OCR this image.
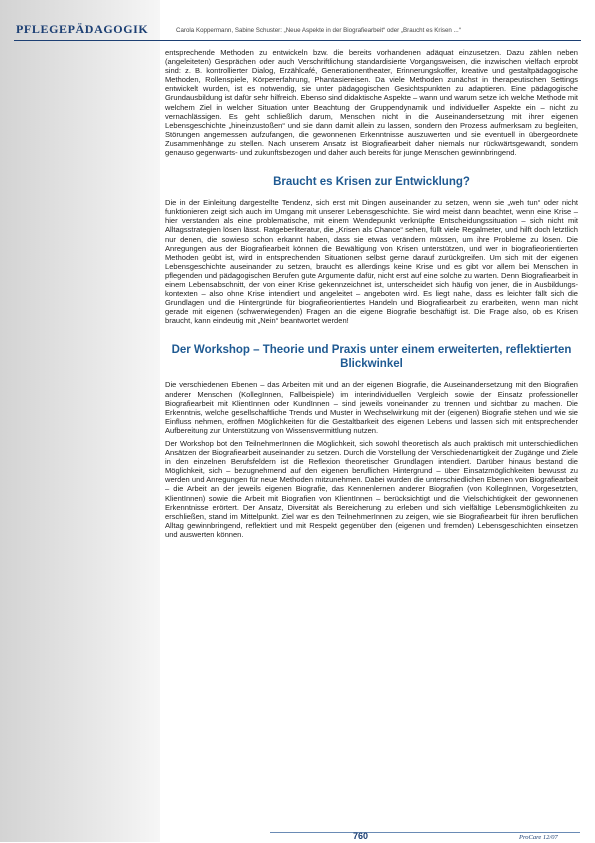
PFLEGEPÄDAGOGIK	Carola Koppermann, Sabine Schuster: „Neue Aspekte in der Biografiearbeit“ oder „Braucht es Krisen ...“

entsprechende Methoden zu entwickeln bzw. die bereits vorhandenen adäquat einzusetzen. Dazu zählen neben (angeleiteten) Gesprächen oder auch Verschriftlichung standardisierte Vorgangsweisen, die inzwischen vielfach erprobt sind: z. B. kontrollierter Dialog, Erzählcafé, Generationentheater, Erinnerungskoffer, kreative und gestaltpädagogische Methoden, Rollenspiele, Körpererfahrung, Phantasiereisen. Da viele Methoden zunächst in therapeutischen Settings entwickelt wurden, ist es notwendig, sie unter pädagogischen Gesichtspunkten zu adaptieren. Eine pädagogische Grundausbildung ist dafür sehr hilfreich. Ebenso sind didaktische Aspekte – wann und warum setze ich welche Methode mit welchem Ziel in welcher Situation unter Beachtung der Gruppendynamik und individueller Aspekte ein – nicht zu vernachlässigen. Es geht schließlich darum, Menschen nicht in die Auseinandersetzung mit ihrer eigenen Lebensgeschichte „hineinzustoßen“ und sie dann damit allein zu lassen, sondern den Prozess aufmerksam zu begleiten, Störungen angemessen aufzufangen, die gewonnenen Erkenntnisse auszuwerten und sie eventuell in übergeordnete Zusammenhänge zu stellen. Nach unserem Ansatz ist Biografiearbeit daher niemals nur rückwärtsgewandt, sondern genauso gegenwarts- und zukunftsbezogen und daher auch bereits für junge Menschen gewinnbringend.

Braucht es Krisen zur Entwicklung?

Die in der Einleitung dargestellte Tendenz, sich erst mit Dingen auseinander zu setzen, wenn sie „weh tun“ oder nicht funktionieren zeigt sich auch im Umgang mit unserer Lebensgeschichte. Sie wird meist dann beachtet, wenn eine Krise – hier verstanden als eine problematische, mit einem Wendepunkt verknüpfte Entscheidungssituation – sich nicht mit Alltagsstrategien lösen lässt. Ratgeberliteratur, die „Krisen als Chance“ sehen, füllt viele Regalmeter, und hilft doch letztlich nur denen, die sowieso schon erkannt haben, dass sie etwas verändern müssen, um ihre Probleme zu lösen. Die Anregungen aus der Biografiearbeit können die Bewältigung von Krisen unterstützen, und wer in biografieorientierten Methoden geübt ist, wird in entsprechenden Situationen selbst gerne darauf zurückgreifen. Um sich mit der eigenen Lebensgeschichte auseinander zu setzen, braucht es allerdings keine Krise und es gibt vor allem bei Menschen in pflegenden und pädagogischen Berufen gute Argumente dafür, nicht erst auf eine solche zu warten. Denn Biografiearbeit in einem Lebensabschnitt, der von einer Krise gekennzeichnet ist, unterscheidet sich häufig von jener, die in Ausbildungskontexten – also ohne Krise intendiert und angeleitet – angeboten wird. Es liegt nahe, dass es leichter fällt sich die Grundlagen und die Hintergründe für biografieorientiertes Handeln und Biografiearbeit zu erarbeiten, wenn man nicht gerade mit eigenen (schwerwiegenden) Fragen an die eigene Biografie beschäftigt ist. Die Frage also, ob es Krisen braucht, kann eindeutig mit „Nein“ beantwortet werden!

Der Workshop – Theorie und Praxis unter einem erweiterten, reflektierten Blickwinkel

Die verschiedenen Ebenen – das Arbeiten mit und an der eigenen Biografie, die Auseinandersetzung mit den Biografien anderer Menschen (KollegInnen, Fallbeispiele) im interindividuellen Vergleich sowie der Einsatz professioneller Biografiearbeit mit KlientInnen oder KundInnen – sind jeweils voneinander zu trennen und sichtbar zu machen. Die Erkenntnis, welche gesellschaftliche Trends und Muster in Wechselwirkung mit der (eigenen) Biografie stehen und wie sie Einfluss nehmen, eröffnen Möglichkeiten für die Gestaltbarkeit des eigenen Lebens und lassen sich mit entsprechender Aufbereitung zur Unterstützung von Wissensvermittlung nutzen.

Der Workshop bot den TeilnehmerInnen die Möglichkeit, sich sowohl theoretisch als auch praktisch mit unterschiedlichen Ansätzen der Biografiearbeit auseinander zu setzen. Durch die Vorstellung der Verschiedenartigkeit der Zugänge und Ziele in den einzelnen Berufsfeldern ist die Reflexion theoretischer Grundlagen intendiert. Darüber hinaus bestand die Möglichkeit, sich – bezugnehmend auf den eigenen beruflichen Hintergrund – über Einsatzmöglichkeiten bewusst zu werden und Anregungen für neue Methoden mitzunehmen. Dabei wurden die unterschiedlichen Ebenen von Biografiearbeit – die Arbeit an der jeweils eigenen Biografie, das Kennenlernen anderer Biografien (von KollegInnen, Vorgesetzten, KlientInnen) sowie die Arbeit mit Biografien von KlientInnen – berücksichtigt und die Vielschichtigkeit der gewonnenen Erkenntnisse erörtert. Der Ansatz, Diversität als Bereicherung zu erleben und sich vielfältige Lebensmöglichkeiten zu erschließen, stand im Mittelpunkt. Ziel war es den TeilnehmerInnen zu zeigen, wie sie Biografiearbeit für ihren beruflichen Alltag gewinnbringend, reflektiert und mit Respekt gegenüber den (eigenen und fremden) Lebensgeschichten einsetzen und auswerten können.

760	ProCare 12/07
